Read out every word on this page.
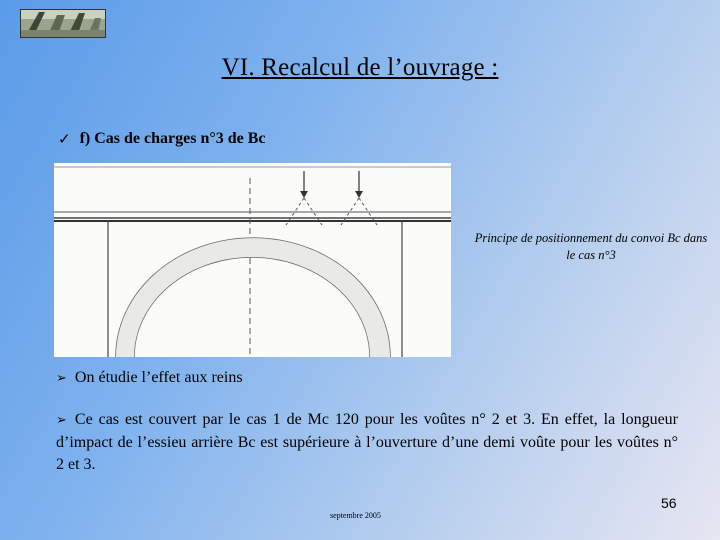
VI. Recalcul de l’ouvrage :
✓ f) Cas de charges n°3 de Bc
Principe de positionnement du convoi Bc dans le cas n°3
➢ On étudie l’effet aux reins
➢ Ce cas est couvert par le cas 1 de Mc 120 pour les voûtes n° 2 et 3. En effet, la longueur d’impact de l’essieu arrière Bc est supérieure à l’ouverture d’une demi voûte pour les voûtes n° 2 et 3.
56
septembre 2005
